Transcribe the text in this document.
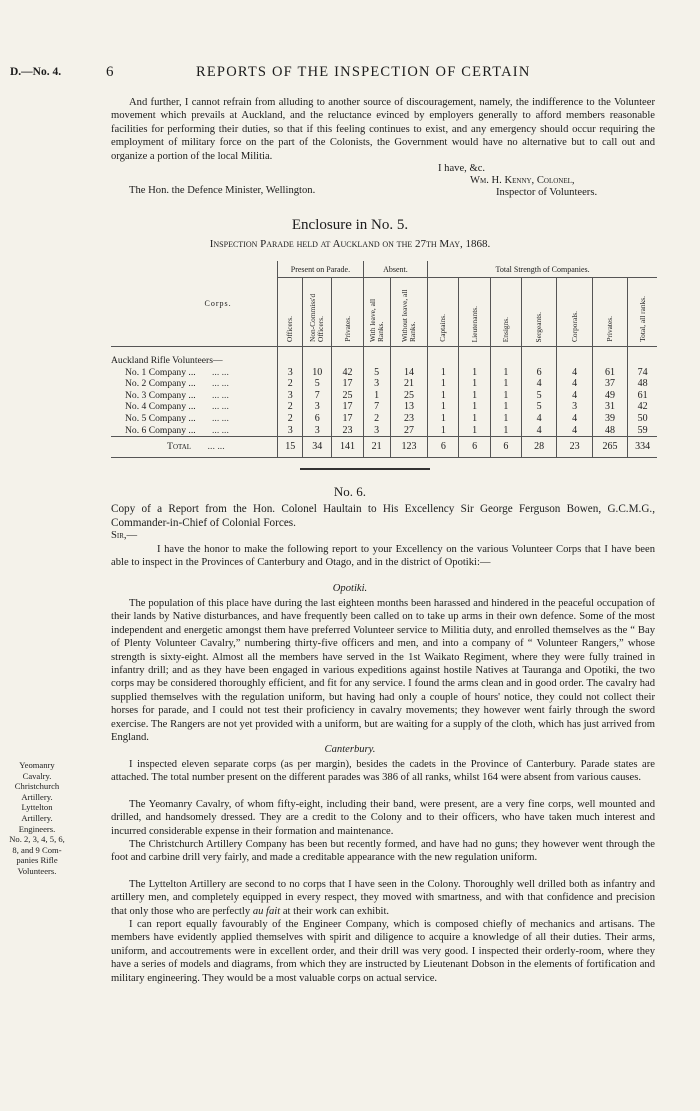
D.—No. 4.	6	REPORTS OF THE INSPECTION OF CERTAIN

And further, I cannot refrain from alluding to another source of discouragement, namely, the indifference to the Volunteer movement which prevails at Auckland, and the reluctance evinced by employers generally to afford members reasonable facilities for performing their duties, so that if this feeling continues to exist, and any emergency should occur requiring the employment of military force on the part of the Colonists, the Government would have no alternative but to call out and organize a portion of the local Militia.

I have, &c.
Wm. H. Kenny, Colonel,
Inspector of Volunteers.
The Hon. the Defence Minister, Wellington.
Enclosure in No. 5.
Inspection Parade held at Auckland on the 27th May, 1868.
Corps.	Present on Parade.			Absent.		Total Strength of Companies.						

	Officers.	Non-Commiss'd Officers.	Privates.	With leave, all Ranks.	Without leave, all Ranks.	Captains.	Lieutenants.	Ensigns.	Sergeants.	Corporals.	Privates.	Total, all ranks.

Auckland Rifle Volunteers—												
No. 1 Company ... ... ...	3	10	42	5	14	1	1	1	6	4	61	74
No. 2 Company ... ... ...	2	5	17	3	21	1	1	1	4	4	37	48
No. 3 Company ... ... ...	3	7	25	1	25	1	1	1	5	4	49	61
No. 4 Company ... ... ...	2	3	17	7	13	1	1	1	5	3	31	42
No. 5 Company ... ... ...	2	6	17	2	23	1	1	1	4	4	39	50
No. 6 Company ... ... ...	3	3	23	3	27	1	1	1	4	4	48	59
Total ... ...	15	34	141	21	123	6	6	6	28	23	265	334
No. 6.

Copy of a Report from the Hon. Colonel Haultain to His Excellency Sir George Ferguson Bowen, G.C.M.G., Commander-in-Chief of Colonial Forces.

Sir,—

I have the honor to make the following report to your Excellency on the various Volunteer Corps that I have been able to inspect in the Provinces of Canterbury and Otago, and in the district of Opotiki:—

Opotiki.

The population of this place have during the last eighteen months been harassed and hindered in the peaceful occupation of their lands by Native disturbances, and have frequently been called on to take up arms in their own defence. Some of the most independent and energetic amongst them have preferred Volunteer service to Militia duty, and enrolled themselves as the “ Bay of Plenty Volunteer Cavalry,” numbering thirty-five officers and men, and into a company of “ Volunteer Rangers,” whose strength is sixty-eight. Almost all the members have served in the 1st Waikato Regiment, where they were fully trained in infantry drill; and as they have been engaged in various expeditions against hostile Natives at Tauranga and Opotiki, the two corps may be considered thoroughly efficient, and fit for any service. I found the arms clean and in good order. The cavalry had supplied themselves with the regulation uniform, but having had only a couple of hours' notice, they could not collect their horses for parade, and I could not test their proficiency in cavalry movements; they however went fairly through the sword exercise. The Rangers are not yet provided with a uniform, but are waiting for a supply of the cloth, which has just arrived from England.

Canterbury.

I inspected eleven separate corps (as per margin), besides the cadets in the Province of Canterbury. Parade states are attached. The total number present on the different parades was 386 of all ranks, whilst 164 were absent from various causes.

The Yeomanry Cavalry, of whom fifty-eight, including their band, were present, are a very fine corps, well mounted and drilled, and handsomely dressed. They are a credit to the Colony and to their officers, who have taken much interest and incurred considerable expense in their formation and maintenance.

The Christchurch Artillery Company has been but recently formed, and have had no guns; they however went through the foot and carbine drill very fairly, and made a creditable appearance with the new regulation uniform.

The Lyttelton Artillery are second to no corps that I have seen in the Colony. Thoroughly well drilled both as infantry and artillery men, and completely equipped in every respect, they moved with smartness, and with that confidence and precision that only those who are perfectly au fait at their work can exhibit.

I can report equally favourably of the Engineer Company, which is composed chiefly of mechanics and artisans. The members have evidently applied themselves with spirit and diligence to acquire a knowledge of all their duties. Their arms, uniform, and accoutrements were in excellent order, and their drill was very good. I inspected their orderly-room, where they have a series of models and diagrams, from which they are instructed by Lieutenant Dobson in the elements of fortification and military engineering. They would be a most valuable corps on actual service.

Yeomanry
Cavalry.
Christchurch
Artillery.
Lyttelton
Artillery.
Engineers.
No. 2, 3, 4, 5, 6,
8, and 9 Com-
panies Rifle
Volunteers.
